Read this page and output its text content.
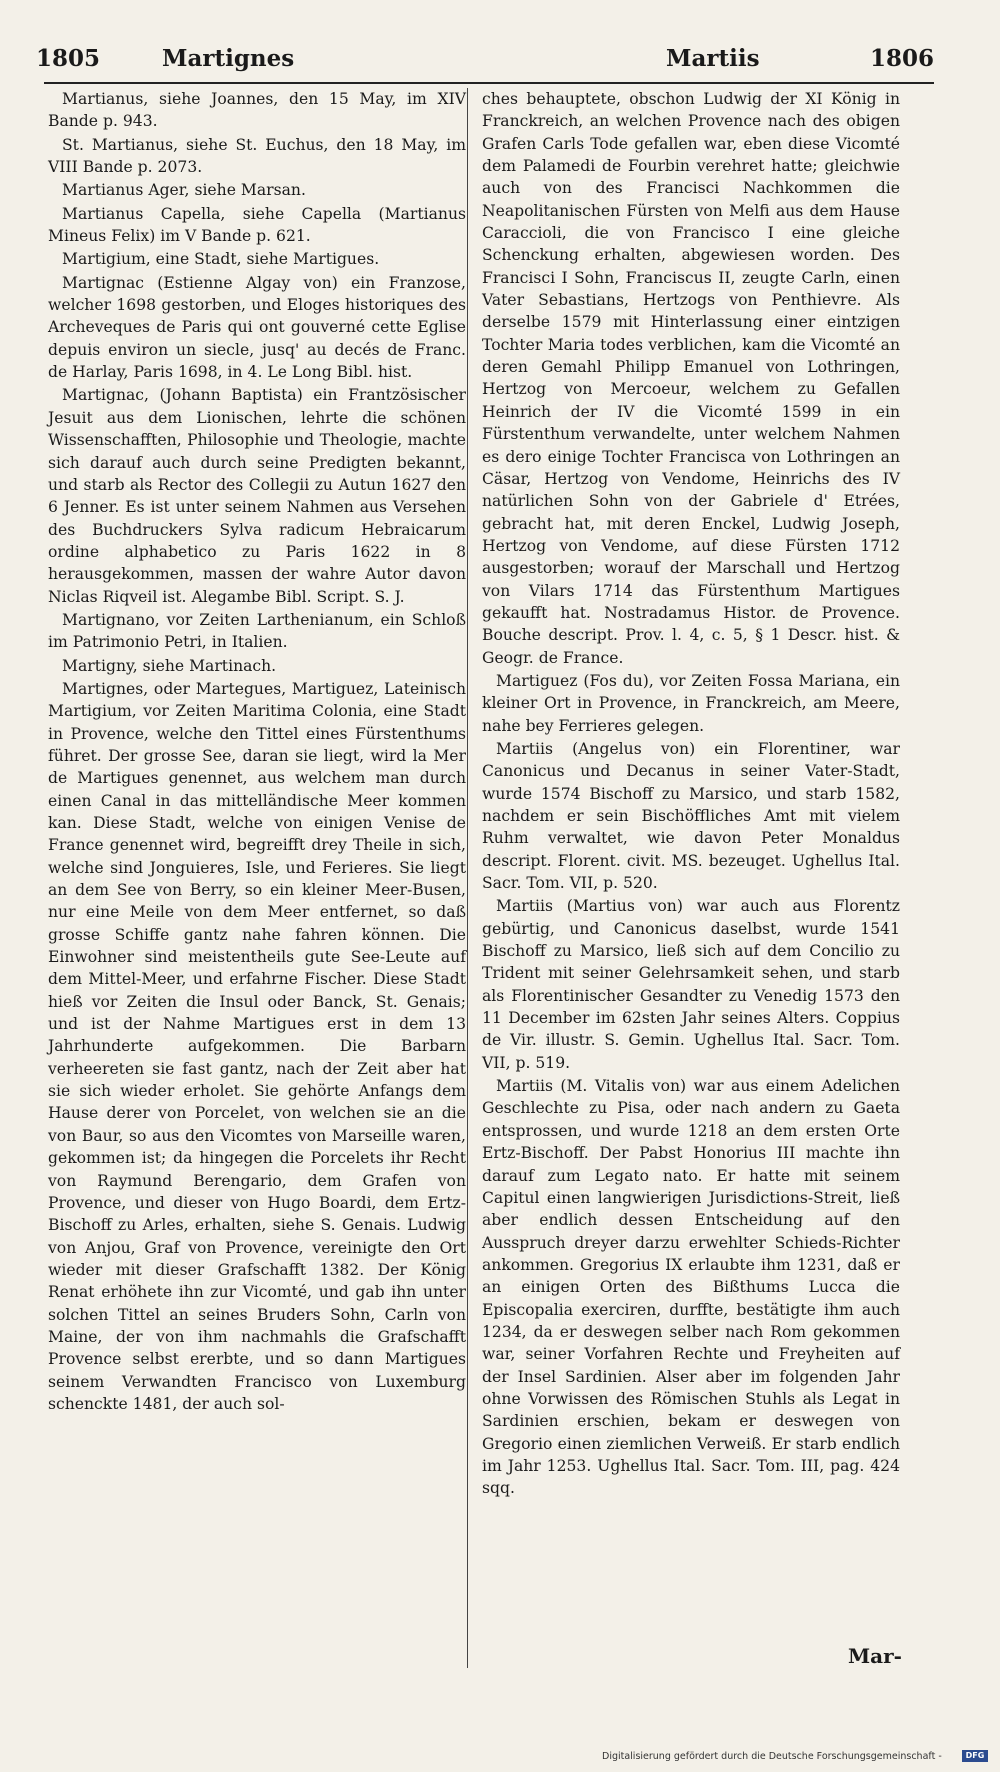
1805	Martignes	Martiis	1806

Martianus, siehe Joannes, den 15 May, im XIV Bande p. 943.

St. Martianus, siehe St. Euchus, den 18 May, im VIII Bande p. 2073.

Martianus Ager, siehe Marsan.

Martianus Capella, siehe Capella (Martianus Mineus Felix) im V Bande p. 621.

Martigium, eine Stadt, siehe Martigues.

Martignac (Estienne Algay von) ein Franzose, welcher 1698 gestorben, und Eloges historiques des Archeveques de Paris qui ont gouverné cette Eglise depuis environ un siecle, jusq' au decés de Franc. de Harlay, Paris 1698, in 4. Le Long Bibl. hist.

Martignac, (Johann Baptista) ein Frantzösischer Jesuit aus dem Lionischen, lehrte die schönen Wissenschafften, Philosophie und Theologie, machte sich darauf auch durch seine Predigten bekannt, und starb als Rector des Collegii zu Autun 1627 den 6 Jenner. Es ist unter seinem Nahmen aus Versehen des Buchdruckers Sylva radicum Hebraicarum ordine alphabetico zu Paris 1622 in 8 herausgekommen, massen der wahre Autor davon Niclas Riqveil ist. Alegambe Bibl. Script. S. J.

Martignano, vor Zeiten Larthenianum, ein Schloß im Patrimonio Petri, in Italien.

Martigny, siehe Martinach.

Martignes, oder Martegues, Martiguez, Lateinisch Martigium, vor Zeiten Maritima Colonia, eine Stadt in Provence, welche den Tittel eines Fürstenthums führet. Der grosse See, daran sie liegt, wird la Mer de Martigues genennet, aus welchem man durch einen Canal in das mittelländische Meer kommen kan. Diese Stadt, welche von einigen Venise de France genennet wird, begreifft drey Theile in sich, welche sind Jonguieres, Isle, und Ferieres. Sie liegt an dem See von Berry, so ein kleiner Meer-Busen, nur eine Meile von dem Meer entfernet, so daß grosse Schiffe gantz nahe fahren können. Die Einwohner sind meistentheils gute See-Leute auf dem Mittel-Meer, und erfahrne Fischer. Diese Stadt hieß vor Zeiten die Insul oder Banck, St. Genais; und ist der Nahme Martigues erst in dem 13 Jahrhunderte aufgekommen. Die Barbarn verheereten sie fast gantz, nach der Zeit aber hat sie sich wieder erholet. Sie gehörte Anfangs dem Hause derer von Porcelet, von welchen sie an die von Baur, so aus den Vicomtes von Marseille waren, gekommen ist; da hingegen die Porcelets ihr Recht von Raymund Berengario, dem Grafen von Provence, und dieser von Hugo Boardi, dem Ertz-Bischoff zu Arles, erhalten, siehe S. Genais. Ludwig von Anjou, Graf von Provence, vereinigte den Ort wieder mit dieser Grafschafft 1382. Der König Renat erhöhete ihn zur Vicomté, und gab ihn unter solchen Tittel an seines Bruders Sohn, Carln von Maine, der von ihm nachmahls die Grafschafft Provence selbst ererbte, und so dann Martigues seinem Verwandten Francisco von Luxemburg schenckte 1481, der auch sol-

ches behauptete, obschon Ludwig der XI König in Franckreich, an welchen Provence nach des obigen Grafen Carls Tode gefallen war, eben diese Vicomté dem Palamedi de Fourbin verehret hatte; gleichwie auch von des Francisci Nachkommen die Neapolitanischen Fürsten von Melfi aus dem Hause Caraccioli, die von Francisco I eine gleiche Schenckung erhalten, abgewiesen worden. Des Francisci I Sohn, Franciscus II, zeugte Carln, einen Vater Sebastians, Hertzogs von Penthievre. Als derselbe 1579 mit Hinterlassung einer eintzigen Tochter Maria todes verblichen, kam die Vicomté an deren Gemahl Philipp Emanuel von Lothringen, Hertzog von Mercoeur, welchem zu Gefallen Heinrich der IV die Vicomté 1599 in ein Fürstenthum verwandelte, unter welchem Nahmen es dero einige Tochter Francisca von Lothringen an Cäsar, Hertzog von Vendome, Heinrichs des IV natürlichen Sohn von der Gabriele d' Etrées, gebracht hat, mit deren Enckel, Ludwig Joseph, Hertzog von Vendome, auf diese Fürsten 1712 ausgestorben; worauf der Marschall und Hertzog von Vilars 1714 das Fürstenthum Martigues gekaufft hat. Nostradamus Histor. de Provence. Bouche descript. Prov. l. 4, c. 5, § 1 Descr. hist. & Geogr. de France.

Martiguez (Fos du), vor Zeiten Fossa Mariana, ein kleiner Ort in Provence, in Franckreich, am Meere, nahe bey Ferrieres gelegen.

Martiis (Angelus von) ein Florentiner, war Canonicus und Decanus in seiner Vater-Stadt, wurde 1574 Bischoff zu Marsico, und starb 1582, nachdem er sein Bischöffliches Amt mit vielem Ruhm verwaltet, wie davon Peter Monaldus descript. Florent. civit. MS. bezeuget. Ughellus Ital. Sacr. Tom. VII, p. 520.

Martiis (Martius von) war auch aus Florentz gebürtig, und Canonicus daselbst, wurde 1541 Bischoff zu Marsico, ließ sich auf dem Concilio zu Trident mit seiner Gelehrsamkeit sehen, und starb als Florentinischer Gesandter zu Venedig 1573 den 11 December im 62sten Jahr seines Alters. Coppius de Vir. illustr. S. Gemin. Ughellus Ital. Sacr. Tom. VII, p. 519.

Martiis (M. Vitalis von) war aus einem Adelichen Geschlechte zu Pisa, oder nach andern zu Gaeta entsprossen, und wurde 1218 an dem ersten Orte Ertz-Bischoff. Der Pabst Honorius III machte ihn darauf zum Legato nato. Er hatte mit seinem Capitul einen langwierigen Jurisdictions-Streit, ließ aber endlich dessen Entscheidung auf den Ausspruch dreyer darzu erwehlter Schieds-Richter ankommen. Gregorius IX erlaubte ihm 1231, daß er an einigen Orten des Bißthums Lucca die Episcopalia exerciren, durffte, bestätigte ihm auch 1234, da er deswegen selber nach Rom gekommen war, seiner Vorfahren Rechte und Freyheiten auf der Insel Sardinien. Alser aber im folgenden Jahr ohne Vorwissen des Römischen Stuhls als Legat in Sardinien erschien, bekam er deswegen von Gregorio einen ziemlichen Verweiß. Er starb endlich im Jahr 1253. Ughellus Ital. Sacr. Tom. III, pag. 424 sqq.

Mar-
Digitalisierung gefördert durch die Deutsche Forschungsgemeinschaft -	DFG
